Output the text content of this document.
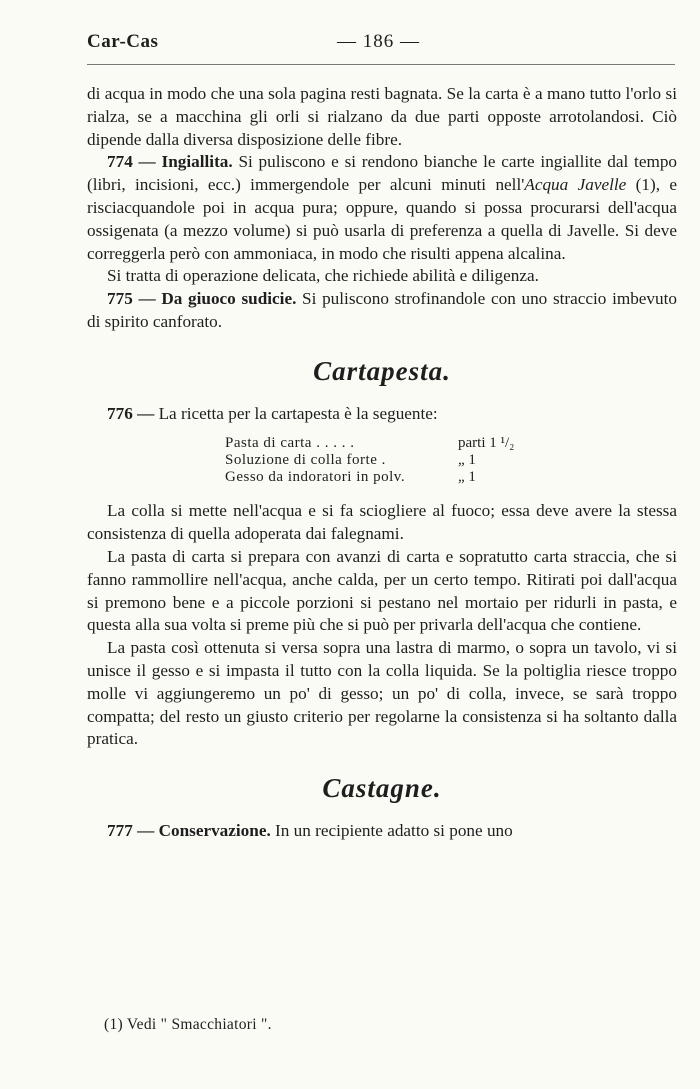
Car-Cas	— 186 —

di acqua in modo che una sola pagina resti bagnata. Se la carta è a mano tutto l'orlo si rialza, se a macchina gli orli si rialzano da due parti opposte arrotolandosi. Ciò dipende dalla diversa disposizione delle fibre.

774 — Ingiallita. Si puliscono e si rendono bianche le carte ingiallite dal tempo (libri, incisioni, ecc.) immergendole per alcuni minuti nell'Acqua Javelle (1), e risciacquandole poi in acqua pura; oppure, quando si possa procurarsi dell'acqua ossigenata (a mezzo volume) si può usarla di preferenza a quella di Javelle. Si deve correggerla però con ammoniaca, in modo che risulti appena alcalina.

Si tratta di operazione delicata, che richiede abilità e diligenza.

775 — Da giuoco sudicie. Si puliscono strofinandole con uno straccio imbevuto di spirito canforato.

Cartapesta.

776 — La ricetta per la cartapesta è la seguente:

Pasta di carta . . . . .	parti 1 ¹/₂
Soluzione di colla forte .	„ 1
Gesso da indoratori in polv.	„ 1

La colla si mette nell'acqua e si fa sciogliere al fuoco; essa deve avere la stessa consistenza di quella adoperata dai falegnami.

La pasta di carta si prepara con avanzi di carta e sopratutto carta straccia, che si fanno rammollire nell'acqua, anche calda, per un certo tempo. Ritirati poi dall'acqua si premono bene e a piccole porzioni si pestano nel mortaio per ridurli in pasta, e questa alla sua volta si preme più che si può per privarla dell'acqua che contiene.

La pasta così ottenuta si versa sopra una lastra di marmo, o sopra un tavolo, vi si unisce il gesso e si impasta il tutto con la colla liquida. Se la poltiglia riesce troppo molle vi aggiungeremo un po' di gesso; un po' di colla, invece, se sarà troppo compatta; del resto un giusto criterio per regolarne la consistenza si ha soltanto dalla pratica.

Castagne.

777 — Conservazione. In un recipiente adatto si pone uno

(1) Vedi " Smacchiatori ".
